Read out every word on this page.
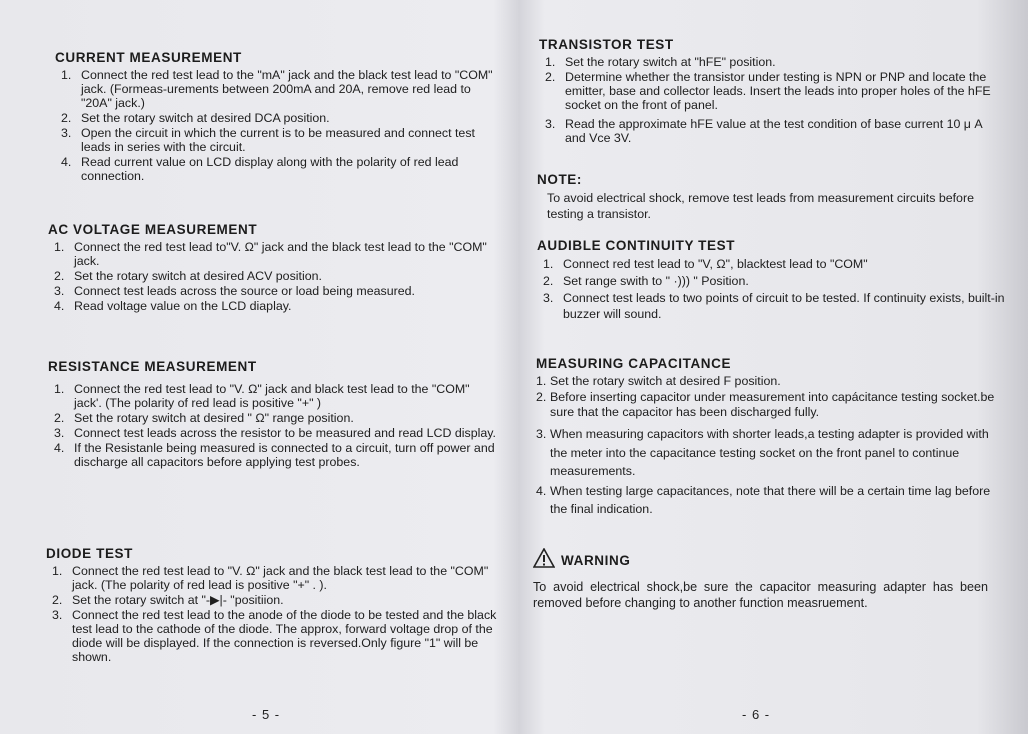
CURRENT MEASUREMENT
1. Connect the red test lead to the "mA" jack and the black test lead to "COM" jack. (Formeas-urements between 200mA and 20A, remove red lead to "20A" jack.)
2. Set the rotary switch at desired DCA position.
3. Open the circuit in which the current is to be measured and connect test leads in series with the circuit.
4. Read current value on LCD display along with the polarity of red lead connection.
AC VOLTAGE MEASUREMENT
1. Connect the red test lead to"V. Ω" jack and the black test lead to the "COM" jack.
2. Set the rotary switch at desired ACV position.
3. Connect test leads across the source or load being measured.
4. Read voltage value on the LCD diaplay.
RESISTANCE MEASUREMENT
1. Connect the red test lead to "V. Ω" jack and black test lead to the "COM" jack'. (The polarity of red lead is positive "+" )
2. Set the rotary switch at desired " Ω" range position.
3. Connect test leads across the resistor to be measured and read LCD display.
4. If the Resistanle being measured is connected to a circuit, turn off power and discharge all capacitors before applying test probes.
DIODE TEST
1. Connect the red test lead to "V. Ω" jack and the black test lead to the "COM" jack. (The polarity of red lead is positive "+" . ).
2. Set the rotary switch at "-▶|- "positiion.
3. Connect the red test lead to the anode of the diode to be tested and the black test lead to the cathode of the diode. The approx, forward voltage drop of the diode will be displayed. If the connection is reversed.Only figure "1" will be shown.
- 5 -
TRANSISTOR TEST
1. Set the rotary switch at "hFE" position.
2. Determine whether the transistor under testing is NPN or PNP and locate the emitter, base and collector leads. Insert the leads into proper holes of the hFE socket on the front of panel.
3. Read the approximate hFE value at the test condition of base current 10 μ A and Vce 3V.
NOTE:
To avoid electrical shock, remove test leads from measurement circuits before testing a transistor.
AUDIBLE CONTINUITY TEST
1. Connect red test lead to "V, Ω", blacktest lead to "COM"
2. Set range swith to " ·))) " Position.
3. Connect test leads to two points of circuit to be tested. If continuity exists, built-in buzzer will sound.
MEASURING CAPACITANCE
1. Set the rotary switch at desired F position.
2. Before inserting capacitor under measurement into capácitance testing socket.be sure that the capacitor has been discharged fully.
3. When measuring capacitors with shorter leads,a testing adapter is provided with the meter into the capacitance testing socket on the front panel to continue measurements.
4. When testing large capacitances, note that there will be a certain time lag before the final indication.
WARNING
To avoid electrical shock,be sure the capacitor measuring adapter has been removed before changing to another function measruement.
- 6 -
